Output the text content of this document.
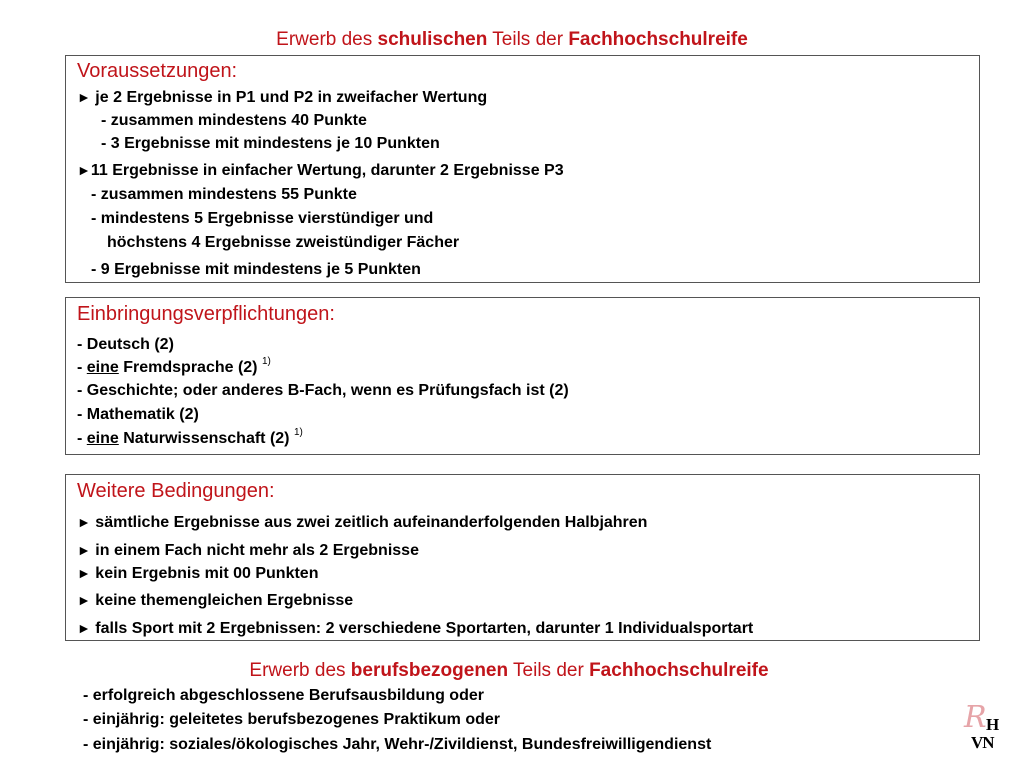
Erwerb des schulischen Teils der Fachhochschulreife
Voraussetzungen:
► je 2 Ergebnisse in P1 und P2 in zweifacher Wertung
- zusammen mindestens 40 Punkte
- 3 Ergebnisse mit mindestens je 10 Punkten
►11 Ergebnisse in einfacher Wertung, darunter 2 Ergebnisse P3
- zusammen mindestens 55 Punkte
- mindestens 5 Ergebnisse vierstündiger und
höchstens 4 Ergebnisse zweistündiger Fächer
- 9 Ergebnisse mit mindestens je 5 Punkten
Einbringungsverpflichtungen:
- Deutsch (2)
- eine Fremdsprache (2) $^{1)}$
- Geschichte; oder anderes B-Fach, wenn es Prüfungsfach ist (2)
- Mathematik (2)
- eine Naturwissenschaft (2) $^{1)}$
Weitere Bedingungen:
► sämtliche Ergebnisse aus zwei zeitlich aufeinanderfolgenden Halbjahren
► in einem Fach nicht mehr als 2 Ergebnisse
► kein Ergebnis mit 00 Punkten
► keine themengleichen Ergebnisse
► falls Sport mit 2 Ergebnissen: 2 verschiedene Sportarten, darunter 1 Individualsportart
Erwerb des berufsbezogenen Teils der Fachhochschulreife
- erfolgreich abgeschlossene Berufsausbildung oder
- einjährig: geleitetes berufsbezogenes Praktikum oder
- einjährig: soziales/ökologisches Jahr, Wehr-/Zivildienst, Bundesfreiwilligendienst
R H
VN
